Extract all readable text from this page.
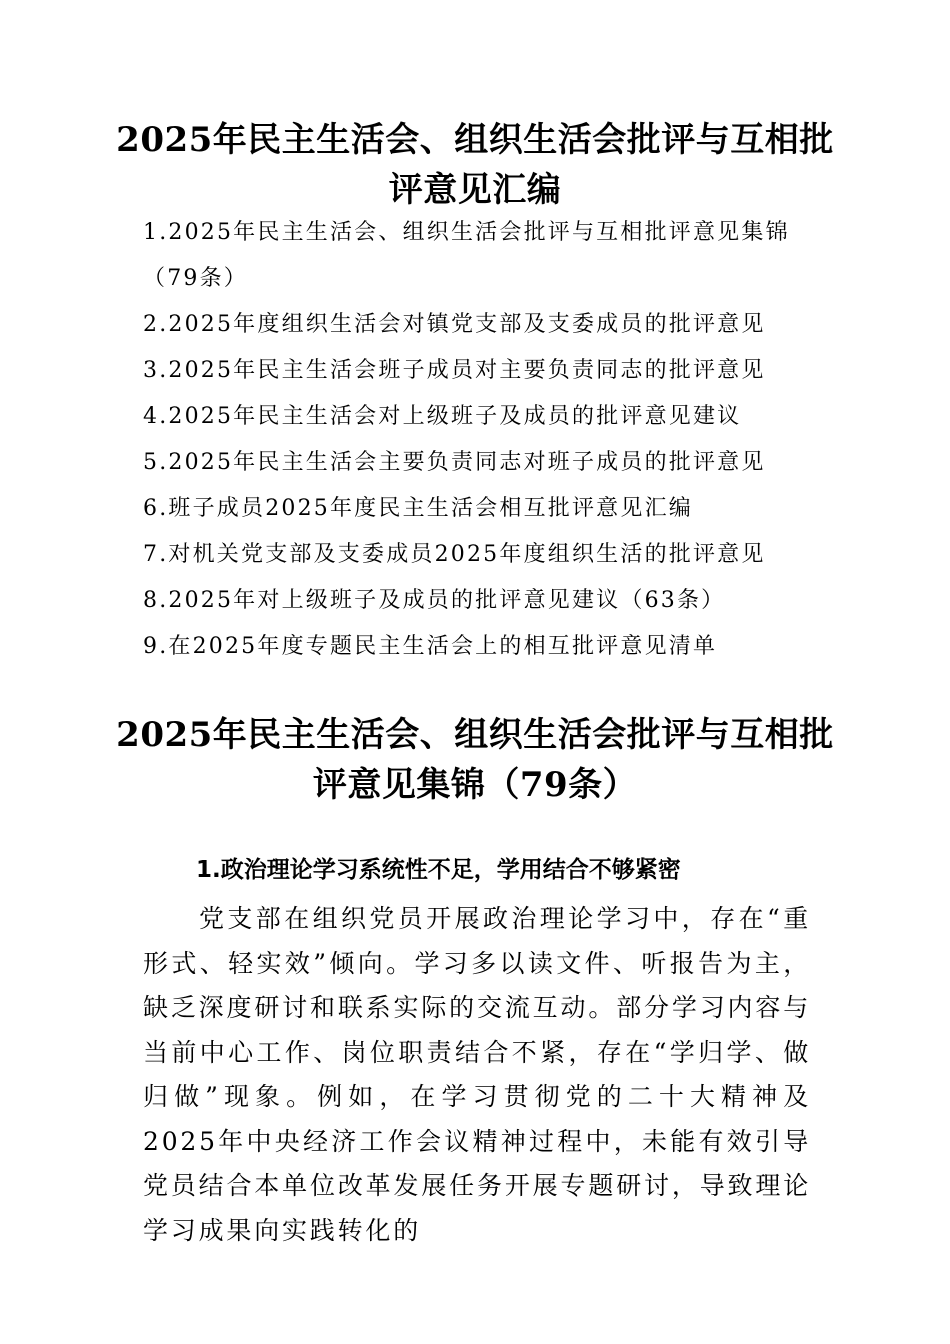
2025年民主生活会、组织生活会批评与互相批评意见汇编
1.2025年民主生活会、组织生活会批评与互相批评意见集锦（79条）
2.2025年度组织生活会对镇党支部及支委成员的批评意见
3.2025年民主生活会班子成员对主要负责同志的批评意见
4.2025年民主生活会对上级班子及成员的批评意见建议
5.2025年民主生活会主要负责同志对班子成员的批评意见
6.班子成员2025年度民主生活会相互批评意见汇编
7.对机关党支部及支委成员2025年度组织生活的批评意见
8.2025年对上级班子及成员的批评意见建议（63条）
9.在2025年度专题民主生活会上的相互批评意见清单
2025年民主生活会、组织生活会批评与互相批评意见集锦（79条）
1.政治理论学习系统性不足，学用结合不够紧密

党支部在组织党员开展政治理论学习中，存在“重形式、轻实效”倾向。学习多以读文件、听报告为主，缺乏深度研讨和联系实际的交流互动。部分学习内容与当前中心工作、岗位职责结合不紧，存在“学归学、做归做”现象。例如，在学习贯彻党的二十大精神及2025年中央经济工作会议精神过程中，未能有效引导党员结合本单位改革发展任务开展专题研讨，导致理论学习成果向实践转化的
